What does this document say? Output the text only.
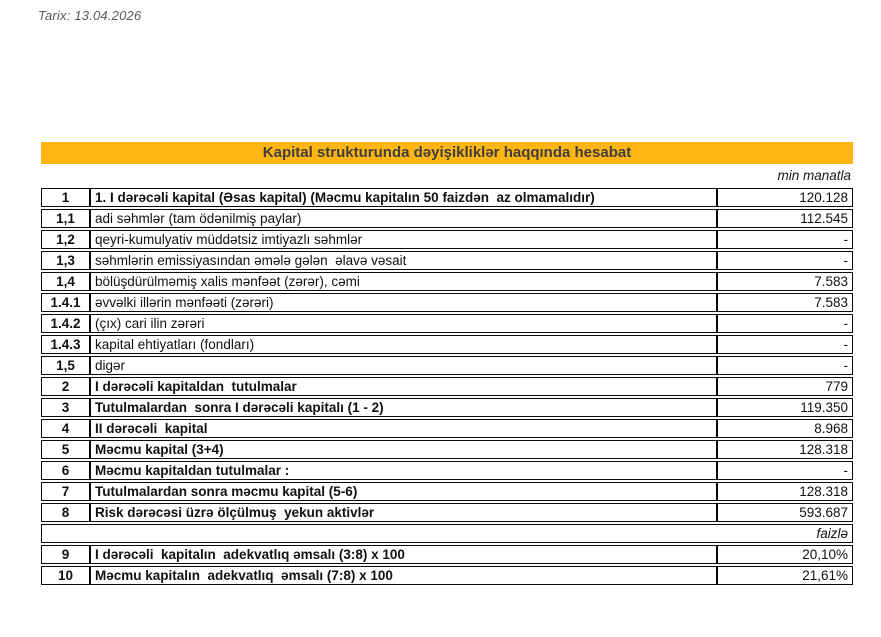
Tarix: 13.04.2026
Kapital strukturunda dəyişikliklər haqqında hesabat
min manatla
1	1. I dərəcəli kapital (Əsas kapital) (Məcmu kapitalın 50 faizdən  az olmamalıdır)	120.128
1,1	adi səhmlər (tam ödənilmiş paylar)	112.545
1,2	qeyri-kumulyativ müddətsiz imtiyazlı səhmlər	-
1,3	səhmlərin emissiyasından əmələ gələn  əlavə vəsait	-
1,4	bölüşdürülməmiş xalis mənfəət (zərər), cəmi	7.583
1.4.1	əvvəlki illərin mənfəəti (zərəri)	7.583
1.4.2	(çıx) cari ilin zərəri	-
1.4.3	kapital ehtiyatları (fondları)	-
1,5	digər	-
2	I dərəcəli kapitaldan  tutulmalar	779
3	Tutulmalardan  sonra I dərəcəli kapitalı (1 - 2)	119.350
4	II dərəcəli  kapital	8.968
5	Məcmu kapital (3+4)	128.318
6	Məcmu kapitaldan tutulmalar :	-
7	Tutulmalardan sonra məcmu kapital (5-6)	128.318
8	Risk dərəcəsi üzrə ölçülmuş  yekun aktivlər	593.687
faizlə		
9	I dərəcəli  kapitalın  adekvatlıq əmsalı (3:8) x 100	20,10%
10	Məcmu kapitalın  adekvatlıq  əmsalı (7:8) x 100	21,61%
